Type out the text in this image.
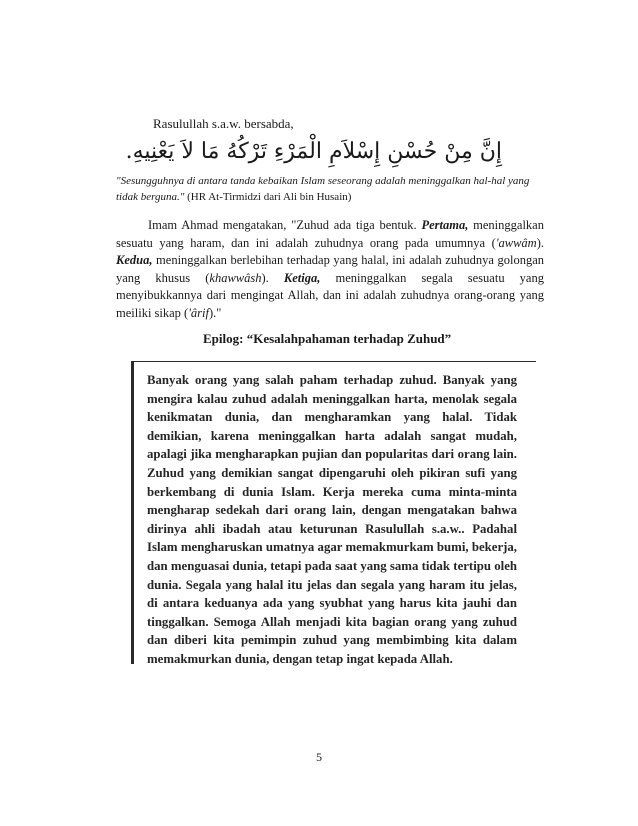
Rasulullah s.a.w. bersabda,
إِنَّ مِنْ حُسْنِ إِسْلاَمِ الْمَرْءِ تَرْكُهُ مَا لاَ يَعْنِيهِ.
"Sesungguhnya di antara tanda kebaikan Islam seseorang adalah meninggalkan hal-hal yang tidak berguna." (HR At-Tirmidzi dari Ali bin Husain)
Imam Ahmad mengatakan, "Zuhud ada tiga bentuk. Pertama, meninggalkan sesuatu yang haram, dan ini adalah zuhudnya orang pada umumnya ('awwâm). Kedua, meninggalkan berlebihan terhadap yang halal, ini adalah zuhudnya golongan yang khusus (khawwâsh). Ketiga, meninggalkan segala sesuatu yang menyibukkannya dari mengingat Allah, dan ini adalah zuhudnya orang-orang yang meiliki sikap ('ârif)."
Epilog: “Kesalahpahaman terhadap Zuhud”
Banyak orang yang salah paham terhadap zuhud. Banyak yang mengira kalau zuhud adalah meninggalkan harta, menolak segala kenikmatan dunia, dan mengharamkan yang halal. Tidak demikian, karena meninggalkan harta adalah sangat mudah, apalagi jika mengharapkan pujian dan popularitas dari orang lain. Zuhud yang demikian sangat dipengaruhi oleh pikiran sufi yang berkembang di dunia Islam. Kerja mereka cuma minta-minta mengharap sedekah dari orang lain, dengan mengatakan bahwa dirinya ahli ibadah atau keturunan Rasulullah s.a.w.. Padahal Islam mengharuskan umatnya agar memakmurkam bumi, bekerja, dan menguasai dunia, tetapi pada saat yang sama tidak tertipu oleh dunia. Segala yang halal itu jelas dan segala yang haram itu jelas, di antara keduanya ada yang syubhat yang harus kita jauhi dan tinggalkan. Semoga Allah menjadi kita bagian orang yang zuhud dan diberi kita pemimpin zuhud yang membimbing kita dalam memakmurkan dunia, dengan tetap ingat kepada Allah.
5
